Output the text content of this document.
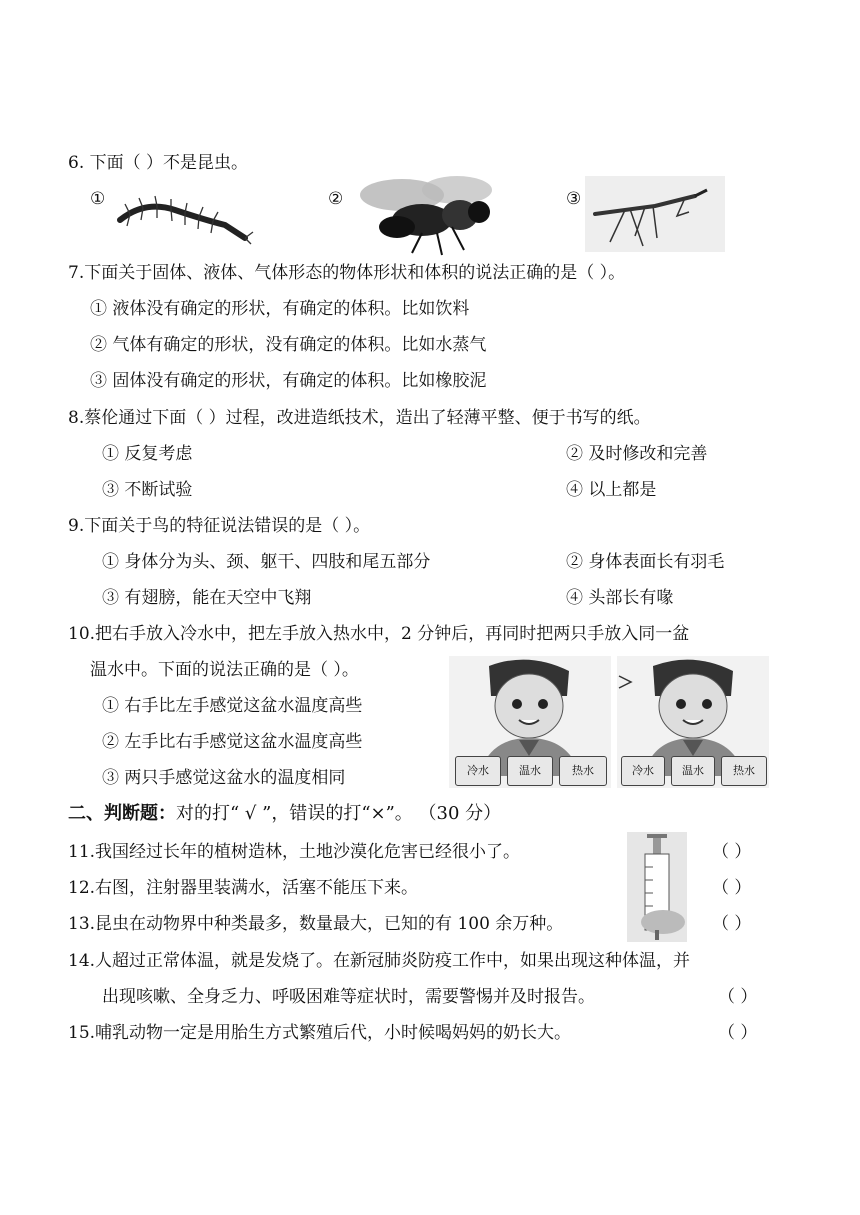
6. 下面（ ）不是昆虫。
①	②	③
7.下面关于固体、液体、气体形态的物体形状和体积的说法正确的是（ ）。
① 液体没有确定的形状，有确定的体积。比如饮料
② 气体有确定的形状，没有确定的体积。比如水蒸气
③ 固体没有确定的形状，有确定的体积。比如橡胶泥
8.蔡伦通过下面（ ）过程，改进造纸技术，造出了轻薄平整、便于书写的纸。
① 反复考虑	② 及时修改和完善
③ 不断试验	④ 以上都是
9.下面关于鸟的特征说法错误的是（ ）。
① 身体分为头、颈、躯干、四肢和尾五部分	② 身体表面长有羽毛
③ 有翅膀，能在天空中飞翔	④ 头部长有喙
10.把右手放入冷水中，把左手放入热水中，2 分钟后，再同时把两只手放入同一盆
温水中。下面的说法正确的是（ ）。
① 右手比左手感觉这盆水温度高些
② 左手比右手感觉这盆水温度高些
③ 两只手感觉这盆水的温度相同	冷水	温水	热水	冷水	温水	热水
二、判断题：对的打“ √ ”，错误的打“×”。 （30 分）
11.我国经过长年的植树造林，土地沙漠化危害已经很小了。	（ ）
12.右图，注射器里装满水，活塞不能压下来。	（ ）
13.昆虫在动物界中种类最多，数量最大，已知的有 100 余万种。	（ ）
14.人超过正常体温，就是发烧了。在新冠肺炎防疫工作中，如果出现这种体温，并
出现咳嗽、全身乏力、呼吸困难等症状时，需要警惕并及时报告。	（ ）
15.哺乳动物一定是用胎生方式繁殖后代，小时候喝妈妈的奶长大。	（ ）
